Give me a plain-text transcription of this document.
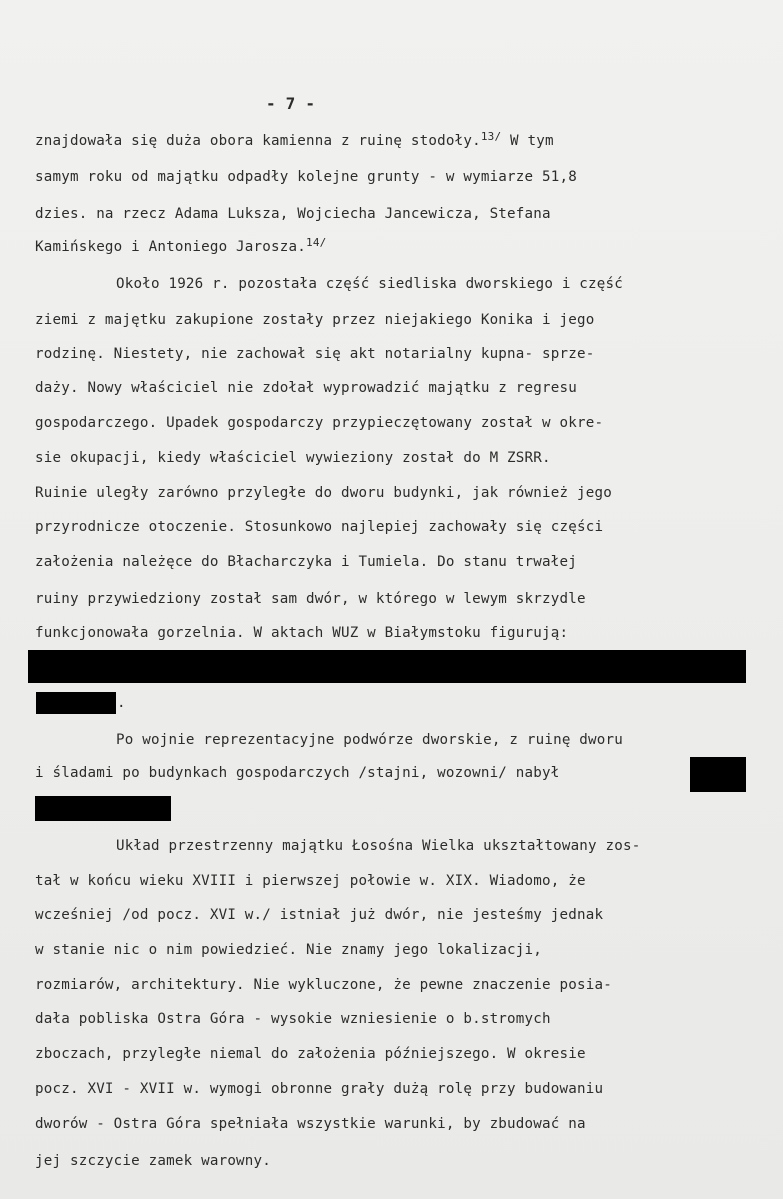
- 7 -
znajdowała się duża obora kamienna z ruinę stodoły.$^{13/}$ W tym
samym roku od majątku odpadły kolejne grunty - w wymiarze 51,8
dzies. na rzecz Adama Luksza, Wojciecha Jancewicza, Stefana
Kamińskego i Antoniego Jarosza.$^{14/}$
Około 1926 r. pozostała część siedliska dworskiego i część
ziemi z majętku zakupione zostały przez niejakiego Konika i jego
rodzinę. Niestety, nie zachował się akt notarialny kupna- sprze-
daży. Nowy właściciel nie zdołał wyprowadzić majątku z regresu
gospodarczego. Upadek gospodarczy przypieczętowany został w okre-
sie okupacji, kiedy właściciel wywieziony został do M ZSRR.
Ruinie uległy zarówno przyległe do dworu budynki, jak również jego
przyrodnicze otoczenie. Stosunkowo najlepiej zachowały się części
założenia należęce do Błacharczyka i Tumiela. Do stanu trwałej
ruiny przywiedziony został sam dwór, w którego w lewym skrzydle
funkcjonowała gorzelnia. W aktach WUZ w Białymstoku figurują:
.
Po wojnie reprezentacyjne podwórze dworskie, z ruinę dworu
i śladami po budynkach gospodarczych /stajni, wozowni/ nabył
Układ przestrzenny majątku Łosośna Wielka ukształtowany zos-
tał w końcu wieku XVIII i pierwszej połowie w. XIX. Wiadomo, że
wcześniej /od pocz. XVI w./ istniał już dwór, nie jesteśmy jednak
w stanie nic o nim powiedzieć. Nie znamy jego lokalizacji,
rozmiarów, architektury. Nie wykluczone, że pewne znaczenie posia-
dała pobliska Ostra Góra - wysokie wzniesienie o b.stromych
zboczach, przyległe niemal do założenia późniejszego. W okresie
pocz. XVI - XVII w. wymogi obronne grały dużą rolę przy budowaniu
dworów - Ostra Góra spełniała wszystkie warunki, by zbudować na
jej szczycie zamek warowny.
